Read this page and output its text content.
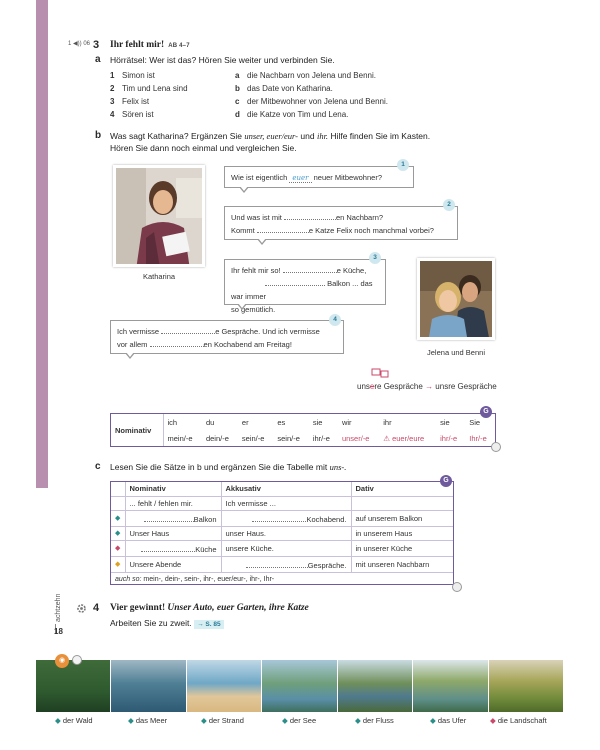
1 ◀)) 06 3 Ihr fehlt mir! AB 4–7
a Hörrätsel: Wer ist das? Hören Sie weiter und verbinden Sie.
1 Simon ist
2 Tim und Lena sind
3 Felix ist
4 Sören ist
a die Nachbarn von Jelena und Benni.
b das Date von Katharina.
c der Mitbewohner von Jelena und Benni.
d die Katze von Tim und Lena.
b Was sagt Katharina? Ergänzen Sie unser, euer/eur- und ihr. Hilfe finden Sie im Kasten.
Hören Sie dann noch einmal und vergleichen Sie.
Katharina
Jelena und Benni
Wie ist eigentlich euer neuer Mitbewohner?
1
Und was ist mit	en Nachbarn?
Kommt	e Katze Felix noch manchmal vorbei?
2
Ihr fehlt mir so!	e Küche,
Balkon ... das war immer
so gemütlich.
3
Ich vermisse	e Gespräche. Und ich vermisse
vor allem	en Kochabend am Freitag!
4
unsere Gespräche → unsre Gespräche
Nominativ	ich	du	er	es	sie	wir	ihr	sie	Sie
	mein/-e	dein/-e	sein/-e	sein/-e	ihr/-e	unser/-e	⚠ euer/eure	ihr/-e	Ihr/-e
G
c Lesen Sie die Sätze in b und ergänzen Sie die Tabelle mit uns-.
	Nominativ	Akkusativ	Dativ
	... fehlt / fehlen mir.	Ich vermisse ...	
◆	Balkon	Kochabend.	auf unserem Balkon
◆	Unser Haus	unser Haus.	in unserem Haus
◆	Küche	unsere Küche.	in unserer Küche
◆	Unsere Abende	Gespräche.	mit unseren Nachbarn
auch so: mein-, dein-, sein-, ihr-, euer/eur-, ihr-, Ihr-			
G
4 Vier gewinnt! Unser Auto, euer Garten, ihre Katze
Arbeiten Sie zu zweit. → S. 85
achtzehn
18
◉
◆ der Wald	◆ das Meer	◆ der Strand	◆ der See	◆ der Fluss	◆ das Ufer	◆ die Landschaft
